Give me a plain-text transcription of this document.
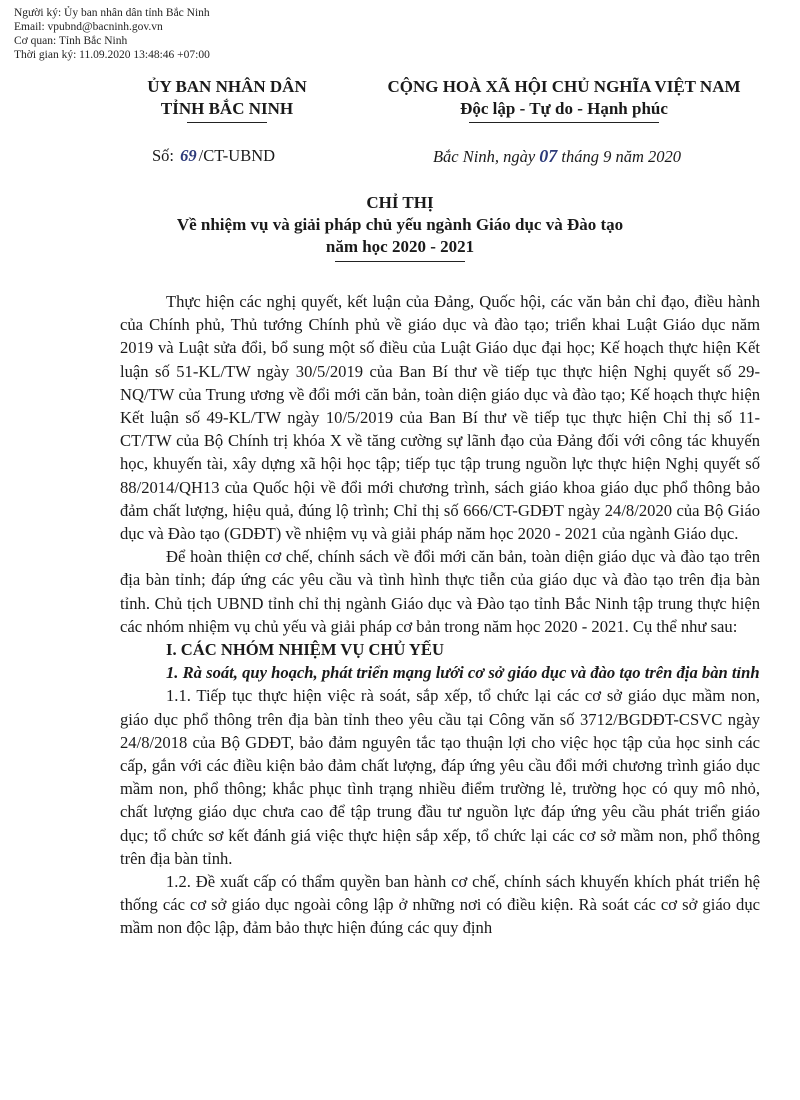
Người ký: Ủy ban nhân dân tỉnh Bắc Ninh
Email: vpubnd@bacninh.gov.vn
Cơ quan: Tỉnh Bắc Ninh
Thời gian ký: 11.09.2020 13:48:46 +07:00
ỦY BAN NHÂN DÂN
TỈNH BẮC NINH
CỘNG HOÀ XÃ HỘI CHỦ NGHĨA VIỆT NAM
Độc lập - Tự do - Hạnh phúc
Số: 69 /CT-UBND	Bắc Ninh, ngày 07 tháng 9 năm 2020
CHỈ THỊ
Về nhiệm vụ và giải pháp chủ yếu ngành Giáo dục và Đào tạo
năm học 2020 - 2021

Thực hiện các nghị quyết, kết luận của Đảng, Quốc hội, các văn bản chỉ đạo, điều hành của Chính phủ, Thủ tướng Chính phủ về giáo dục và đào tạo; triển khai Luật Giáo dục năm 2019 và Luật sửa đổi, bổ sung một số điều của Luật Giáo dục đại học; Kế hoạch thực hiện Kết luận số 51-KL/TW ngày 30/5/2019 của Ban Bí thư về tiếp tục thực hiện Nghị quyết số 29-NQ/TW của Trung ương về đổi mới căn bản, toàn diện giáo dục và đào tạo; Kế hoạch thực hiện Kết luận số 49-KL/TW ngày 10/5/2019 của Ban Bí thư về tiếp tục thực hiện Chỉ thị số 11-CT/TW của Bộ Chính trị khóa X về tăng cường sự lãnh đạo của Đảng đối với công tác khuyến học, khuyến tài, xây dựng xã hội học tập; tiếp tục tập trung nguồn lực thực hiện Nghị quyết số 88/2014/QH13 của Quốc hội về đổi mới chương trình, sách giáo khoa giáo dục phổ thông bảo đảm chất lượng, hiệu quả, đúng lộ trình; Chỉ thị số 666/CT-GDĐT ngày 24/8/2020 của Bộ Giáo dục và Đào tạo (GDĐT) về nhiệm vụ và giải pháp năm học 2020 - 2021 của ngành Giáo dục.

Để hoàn thiện cơ chế, chính sách về đổi mới căn bản, toàn diện giáo dục và đào tạo trên địa bàn tỉnh; đáp ứng các yêu cầu và tình hình thực tiễn của giáo dục và đào tạo trên địa bàn tỉnh. Chủ tịch UBND tỉnh chỉ thị ngành Giáo dục và Đào tạo tỉnh Bắc Ninh tập trung thực hiện các nhóm nhiệm vụ chủ yếu và giải pháp cơ bản trong năm học 2020 - 2021. Cụ thể như sau:

I. CÁC NHÓM NHIỆM VỤ CHỦ YẾU

1. Rà soát, quy hoạch, phát triển mạng lưới cơ sở giáo dục và đào tạo trên địa bàn tỉnh

1.1. Tiếp tục thực hiện việc rà soát, sắp xếp, tổ chức lại các cơ sở giáo dục mầm non, giáo dục phổ thông trên địa bàn tỉnh theo yêu cầu tại Công văn số 3712/BGDĐT-CSVC ngày 24/8/2018 của Bộ GDĐT, bảo đảm nguyên tắc tạo thuận lợi cho việc học tập của học sinh các cấp, gắn với các điều kiện bảo đảm chất lượng, đáp ứng yêu cầu đổi mới chương trình giáo dục mầm non, phổ thông; khắc phục tình trạng nhiều điểm trường lẻ, trường học có quy mô nhỏ, chất lượng giáo dục chưa cao để tập trung đầu tư nguồn lực đáp ứng yêu cầu phát triển giáo dục; tổ chức sơ kết đánh giá việc thực hiện sắp xếp, tổ chức lại các cơ sở mầm non, phổ thông trên địa bàn tỉnh.

1.2. Đề xuất cấp có thẩm quyền ban hành cơ chế, chính sách khuyến khích phát triển hệ thống các cơ sở giáo dục ngoài công lập ở những nơi có điều kiện. Rà soát các cơ sở giáo dục mầm non độc lập, đảm bảo thực hiện đúng các quy định
